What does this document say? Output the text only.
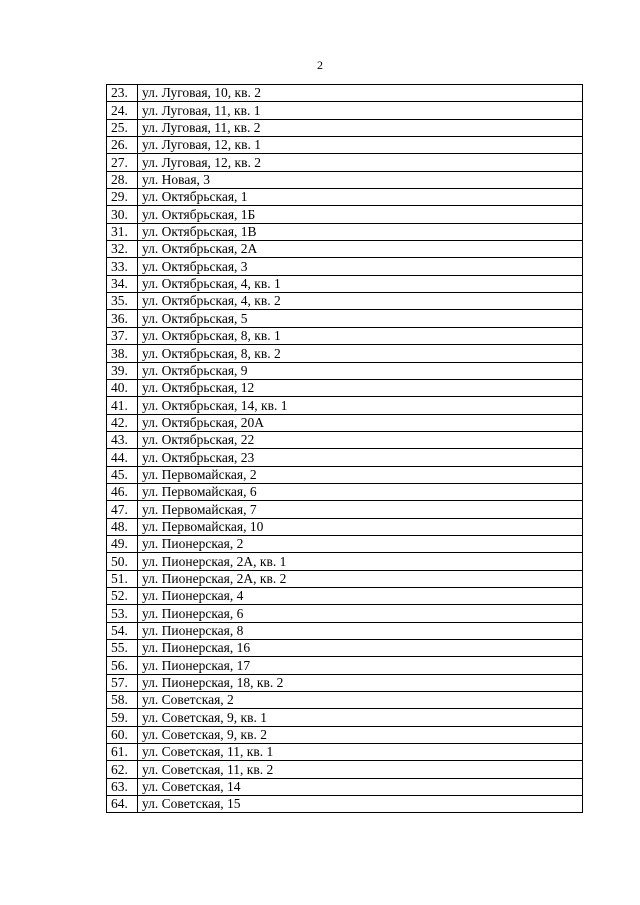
2
23.	ул. Луговая, 10, кв. 2
24.	ул. Луговая, 11, кв. 1
25.	ул. Луговая, 11, кв. 2
26.	ул. Луговая, 12, кв. 1
27.	ул. Луговая, 12, кв. 2
28.	ул. Новая, 3
29.	ул. Октябрьская, 1
30.	ул. Октябрьская, 1Б
31.	ул. Октябрьская, 1В
32.	ул. Октябрьская, 2А
33.	ул. Октябрьская, 3
34.	ул. Октябрьская, 4, кв. 1
35.	ул. Октябрьская, 4, кв. 2
36.	ул. Октябрьская, 5
37.	ул. Октябрьская, 8, кв. 1
38.	ул. Октябрьская, 8, кв. 2
39.	ул. Октябрьская, 9
40.	ул. Октябрьская, 12
41.	ул. Октябрьская, 14, кв. 1
42.	ул. Октябрьская, 20А
43.	ул. Октябрьская, 22
44.	ул. Октябрьская, 23
45.	ул. Первомайская, 2
46.	ул. Первомайская, 6
47.	ул. Первомайская, 7
48.	ул. Первомайская, 10
49.	ул. Пионерская, 2
50.	ул. Пионерская, 2А, кв. 1
51.	ул. Пионерская, 2А, кв. 2
52.	ул. Пионерская, 4
53.	ул. Пионерская, 6
54.	ул. Пионерская, 8
55.	ул. Пионерская, 16
56.	ул. Пионерская, 17
57.	ул. Пионерская, 18, кв. 2
58.	ул. Советская, 2
59.	ул. Советская, 9, кв. 1
60.	ул. Советская, 9, кв. 2
61.	ул. Советская, 11, кв. 1
62.	ул. Советская, 11, кв. 2
63.	ул. Советская, 14
64.	ул. Советская, 15
